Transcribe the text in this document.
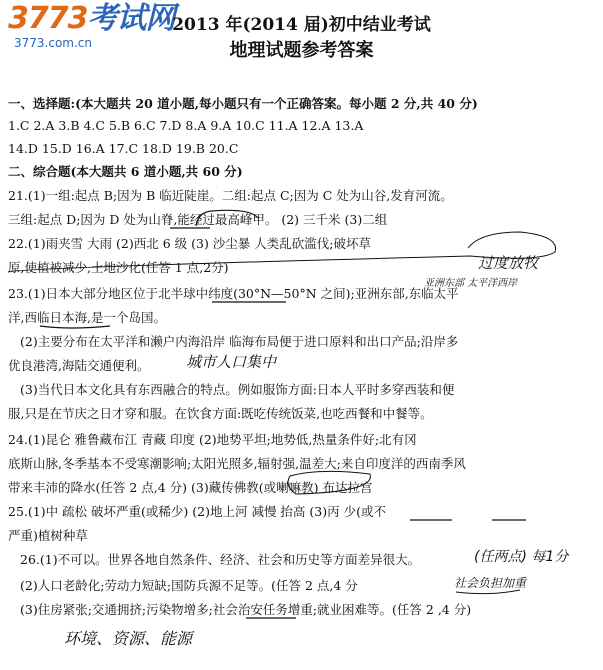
3773考试网
3773.com.cn
2013 年(2014 届)初中结业考试
地理试题参考答案
一、选择题:(本大题共 20 道小题,每小题只有一个正确答案。每小题 2 分,共 40 分)
1.C 2.A 3.B 4.C 5.B 6.C 7.D 8.A 9.A 10.C 11.A 12.A 13.A
14.D 15.D 16.A 17.C 18.D 19.B 20.C
二、综合题(本大题共 6 道小题,共 60 分)
21.(1)一组:起点 B;因为 B 临近陡崖。二组:起点 C;因为 C 处为山谷,发育河流。
三组:起点 D;因为 D 处为山脊,能经过最高峰甲。 (2) 三千米 (3)二组
22.(1)雨夹雪 大雨 (2)西北 6 级 (3) 沙尘暴 人类乱砍滥伐;破坏草
原,使植被减少,土地沙化(任答 1 点,2分)
23.(1)日本大部分地区位于北半球中纬度(30°N—50°N 之间);亚洲东部,东临太平
洋,西临日本海,是一个岛国。
(2)主要分布在太平洋和濑户内海沿岸 临海布局便于进口原料和出口产品;沿岸多
优良港湾,海陆交通便利。
(3)当代日本文化具有东西融合的特点。例如服饰方面:日本人平时多穿西装和便
服,只是在节庆之日才穿和服。在饮食方面:既吃传统饭菜,也吃西餐和中餐等。
24.(1)昆仑 雅鲁藏布江 青藏 印度 (2)地势平坦;地势低,热量条件好;北有冈
底斯山脉,冬季基本不受寒潮影响;太阳光照多,辐射强,温差大;来自印度洋的西南季风
带来丰沛的降水(任答 2 点,4 分) (3)藏传佛教(或喇嘛教) 布达拉宫
25.(1)中 疏松 破坏严重(或稀少) (2)地上河 减慢 抬高 (3)丙 少(或不
严重)植树种草
26.(1)不可以。世界各地自然条件、经济、社会和历史等方面差异很大。
(2)人口老龄化;劳动力短缺;国防兵源不足等。(任答 2 点,4 分
(3)住房紧张;交通拥挤;污染物增多;社会治安任务增重;就业困难等。(任答 2 ,4 分)
过度放牧
亚洲东部 太平洋西岸
城市人口集中
(任两点) 每1分
社会负担加重
环境、资源、能源
